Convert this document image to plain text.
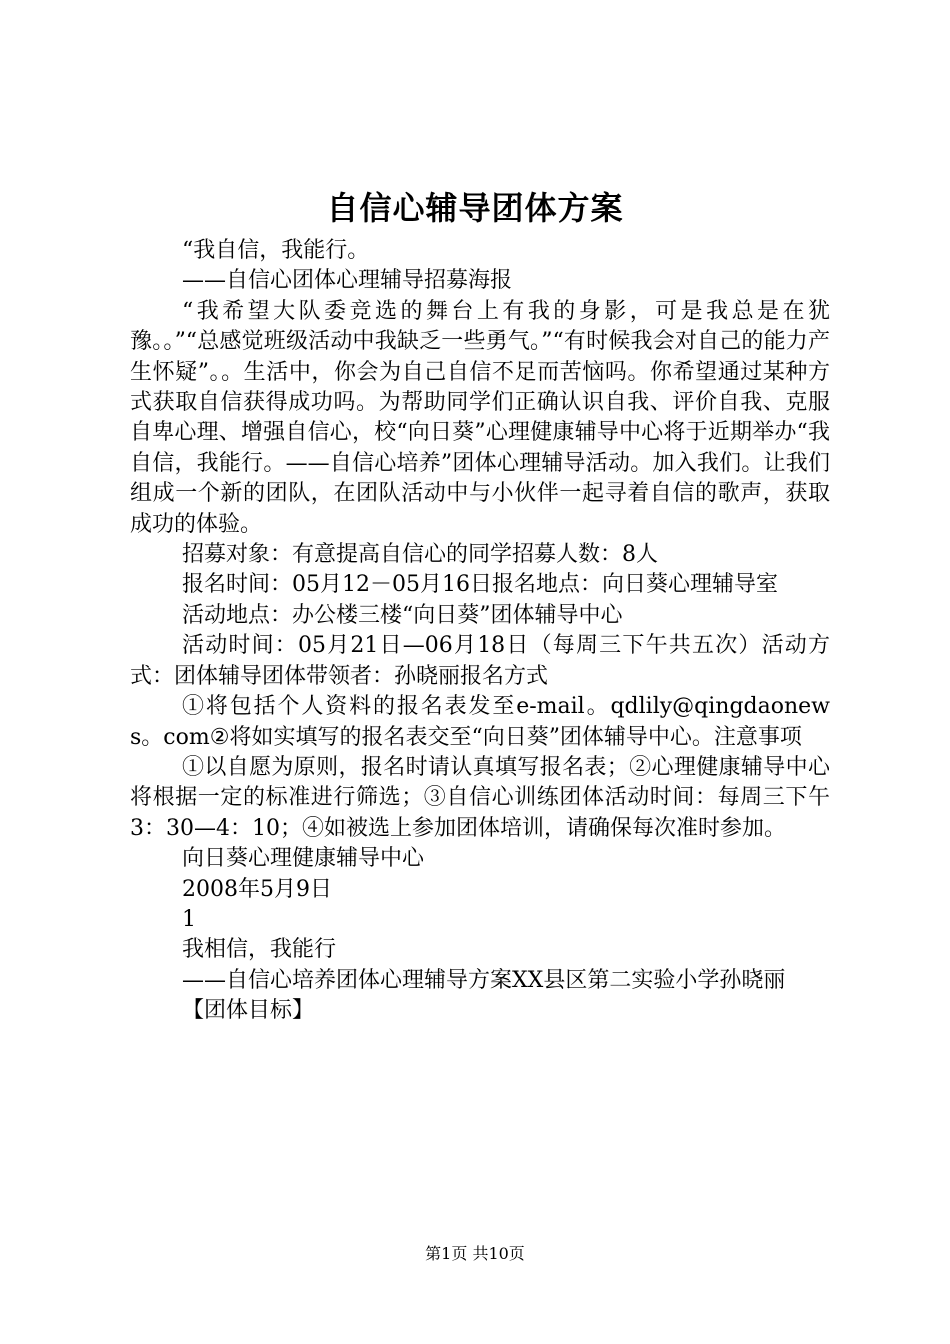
自信心辅导团体方案

“我自信，我能行。

——自信心团体心理辅导招募海报

“我希望大队委竞选的舞台上有我的身影，可是我总是在犹豫。。”“总感觉班级活动中我缺乏一些勇气。”“有时候我会对自己的能力产生怀疑”。。生活中，你会为自己自信不足而苦恼吗。你希望通过某种方式获取自信获得成功吗。为帮助同学们正确认识自我、评价自我、克服自卑心理、增强自信心，校“向日葵”心理健康辅导中心将于近期举办“我自信，我能行。——自信心培养”团体心理辅导活动。加入我们。让我们组成一个新的团队，在团队活动中与小伙伴一起寻着自信的歌声，获取成功的体验。

招募对象：有意提高自信心的同学招募人数：8人

报名时间：05月12－05月16日报名地点：向日葵心理辅导室

活动地点：办公楼三楼“向日葵”团体辅导中心

活动时间：05月21日—06月18日（每周三下午共五次）活动方式：团体辅导团体带领者：孙晓丽报名方式

①将包括个人资料的报名表发至e-mail。qdlily@qingdaonews。com②将如实填写的报名表交至“向日葵”团体辅导中心。注意事项

①以自愿为原则，报名时请认真填写报名表；②心理健康辅导中心将根据一定的标准进行筛选；③自信心训练团体活动时间：每周三下午3：30—4：10；④如被选上参加团体培训，请确保每次准时参加。

向日葵心理健康辅导中心

2008年5月9日

1

我相信，我能行

——自信心培养团体心理辅导方案XX县区第二实验小学孙晓丽

【团体目标】

第1页 共10页
